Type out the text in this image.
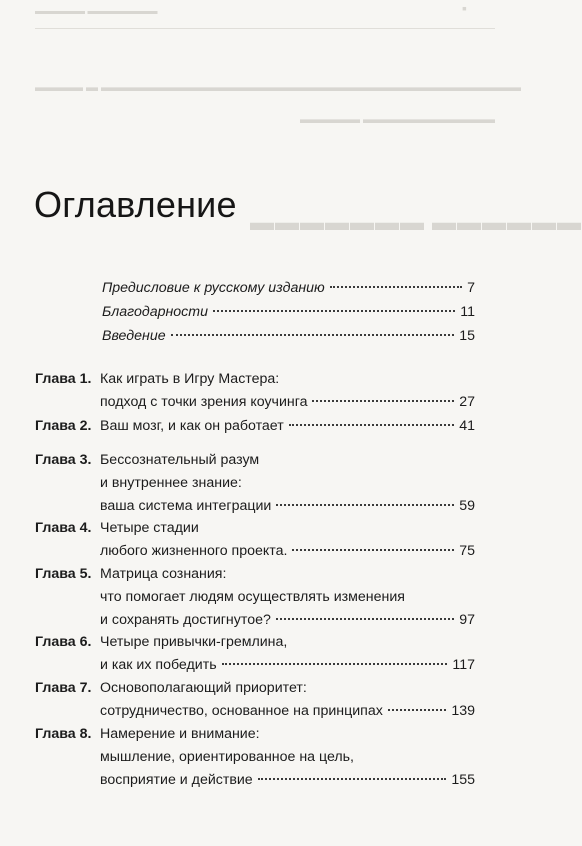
▬▬▬▬▬ ▬▬▬▬▬▬▬	▪
▬▬▬▬ ▬ ▬▬▬▬▬▬▬▬▬▬▬▬▬▬▬▬▬▬▬▬▬▬▬▬▬▬▬▬▬▬▬▬▬▬▬
▬▬▬▬▬ ▬▬▬▬▬▬▬▬▬▬▬
▬▬▬▬▬▬▬ ▬▬▬▬▬▬
Оглавление
Предисловие к русскому изданию	7
Благодарности	11
Введение	15
Глава 1. Как играть в Игру Мастера:
подход с точки зрения коучинга	27
Глава 2. Ваш мозг, и как он работает	41
Глава 3. Бессознательный разум
и внутреннее знание:
ваша система интеграции	59
Глава 4. Четыре стадии
любого жизненного проекта.	75
Глава 5. Матрица сознания:
что помогает людям осуществлять изменения
и сохранять достигнутое?	97
Глава 6. Четыре привычки-гремлина,
и как их победить	117
Глава 7. Основополагающий приоритет:
сотрудничество, основанное на принципах	139
Глава 8. Намерение и внимание:
мышление, ориентированное на цель,
восприятие и действие	155
